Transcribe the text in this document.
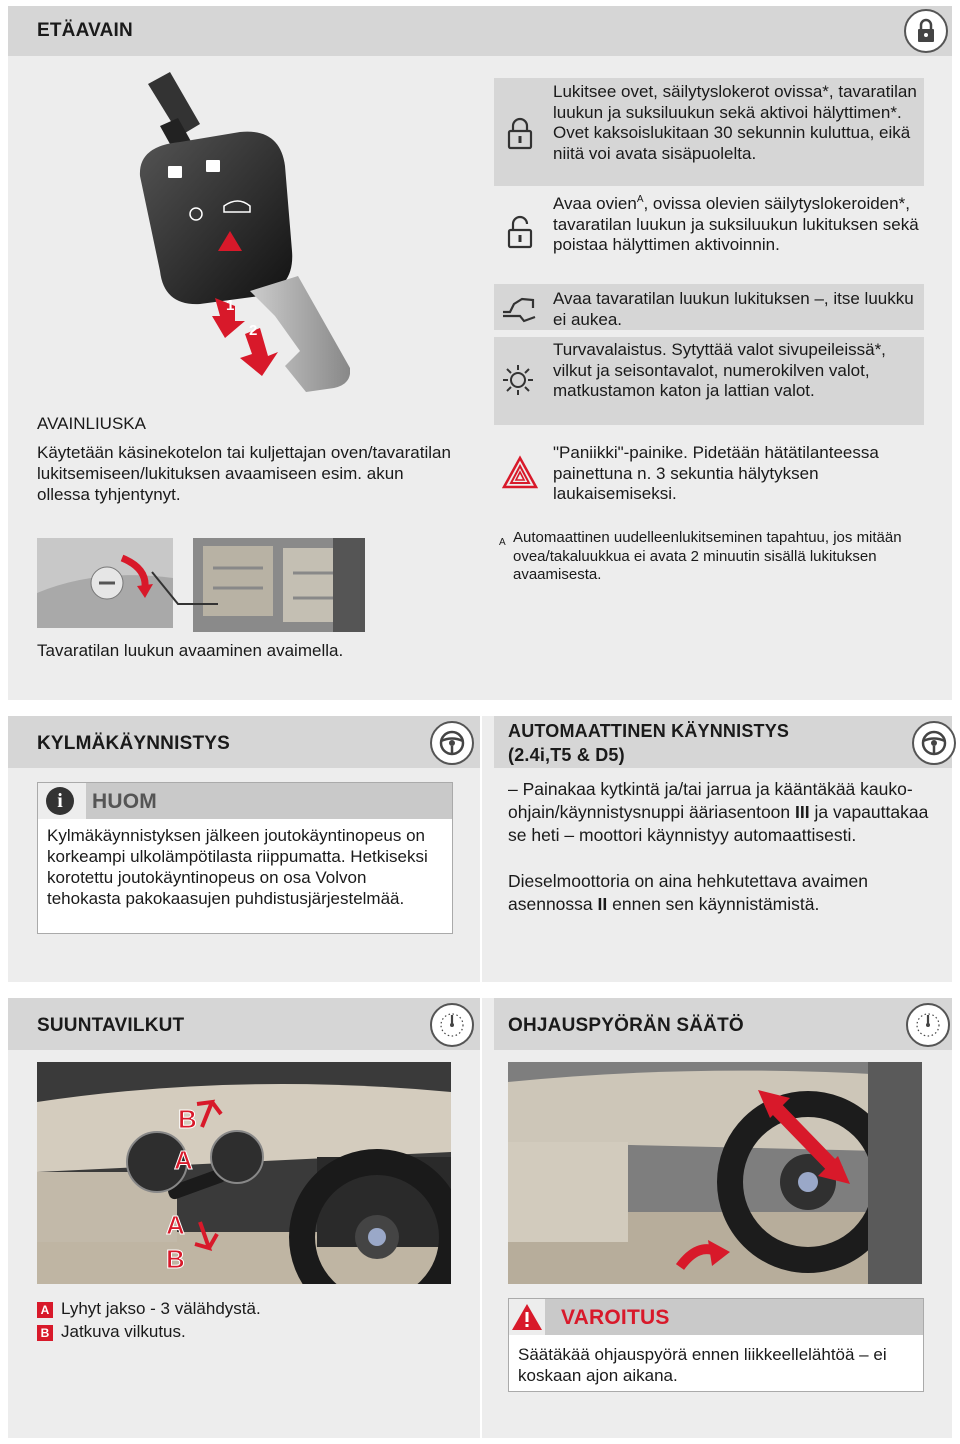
ETÄAVAIN
1
2
AVAINLIUSKA
Käytetään käsinekotelon tai kuljettajan oven/tavaratilan lukitsemiseen/lukituksen avaamiseen esim. akun ollessa tyhjentynyt.
Lukitsee ovet, säilytyslokerot ovissa*, tavaratilan luukun ja suksiluukun sekä aktivoi hälyttimen*. Ovet kaksoislukitaan 30 sekunnin kuluttua, eikä niitä voi avata sisäpuolelta.
Avaa ovien$^A$, ovissa olevien säilytyslokeroiden*, tavaratilan luukun ja suksiluukun lukituksen sekä poistaa hälyttimen aktivoinnin.
Avaa tavaratilan luukun lukituksen –, itse luukku ei aukea.
Turvavalaistus. Sytyttää valot sivupeileissä*, vilkut ja seisontavalot, numerokilven valot, matkustamon katon ja lattian valot.
"Paniikki"-painike. Pidetään hätätilanteessa painettuna n. 3 sekuntia hälytyksen laukaisemiseksi.
A Automaattinen uudelleenlukitseminen tapahtuu, jos mitään ovea/takaluukkua ei avata 2 minuutin sisällä lukituksen avaamisesta.
Tavaratilan luukun avaaminen avaimella.
KYLMÄKÄYNNISTYS
i	HUOM
Kylmäkäynnistyksen jälkeen joutokäyntinopeus on korkeampi ulkolämpötilasta riippumatta. Hetkiseksi korotettu joutokäyntinopeus on osa Volvon tehokasta pakokaasujen puhdistusjärjestelmää.
AUTOMAATTINEN KÄYNNISTYS
(2.4i,T5 & D5)
– Painakaa kytkintä ja/tai jarrua ja kääntäkää kauko-ohjain/käynnistysnuppi ääriasentoon III ja vapauttakaa se heti – moottori käynnistyy automaattisesti.
Dieselmoottoria on aina hehkutettava avaimen asennossa II ennen sen käynnistämistä.
SUUNTAVILKUT
B
A
A
B
A Lyhyt jakso - 3 välähdystä.
B Jatkuva vilkutus.
OHJAUSPYÖRÄN SÄÄTÖ
VAROITUS
Säätäkää ohjauspyörä ennen liikkeellelähtöä – ei koskaan ajon aikana.
